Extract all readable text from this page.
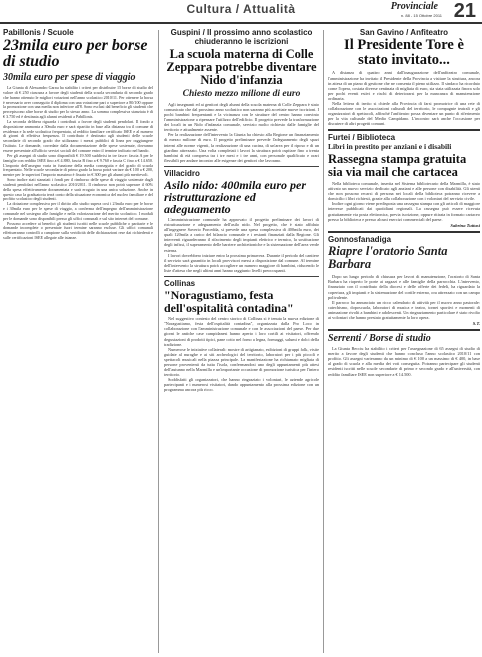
Cultura / Attualità	Provinciale
n. 88 - 15 Ottobre 2011 21
Pabillonis / Scuole
23mila euro per borse di studio
30mila euro per spese di viaggio

La Giunta di Alessandro Garau ha stabilito i criteri per distribuire 15 borse di studio del valore di € 250 ciascuna a favore degli studenti della scuola secondaria di secondo grado che hanno ottenuto le migliori votazioni nell'anno scolastico 2010/11. Per ottenere la borsa è necessario aver conseguito il diploma con una votazione pari o superiore a 80/100 oppure la promozione con una media non inferiore all'8. Sono esclusi dal beneficio gli studenti che percepiscono altre borse di studio per lo stesso anno. La somma complessiva stanziata è di € 3.750 ed è destinata agli alunni residenti a Pabillonis.

La seconda delibera riguarda i contributi a favore degli studenti pendolari. Il fondo a disposizione ammonta a 30mila euro e sarà ripartito in base alla distanza tra il comune di residenza e la sede scolastica frequentata, al reddito familiare certificato ISEE e al numero di giorni di effettiva frequenza. Il contributo è destinato agli studenti delle scuole secondarie di secondo grado che utilizzano i mezzi pubblici di linea per raggiungere l'istituto. Le domande, corredate dalla documentazione delle spese sostenute, dovranno essere presentate all'ufficio servizi sociali del comune entro il termine indicato nel bando.

Per gli assegni di studio sono disponibili € 19.500 suddivisi in tre fasce: fascia A per le famiglie con reddito ISEE fino a € 4.880, fascia B fino a € 9.760 e fascia C fino a € 14.650. L'importo dell'assegno varia in funzione della media conseguita e del grado di scuola frequentato. Nelle scuole secondarie di primo grado la borsa potrà variare da € 100 a € 200, mentre per le superiori l'importo massimo è fissato in € 300 per gli alunni più meritevoli.

Sono inoltre stati stanziati i fondi per il rimborso delle spese di viaggio sostenute dagli studenti pendolari nell'anno scolastico 2010/2011. Il rimborso non potrà superare il 60% della spesa effettivamente documentata e sarà erogato in una unica soluzione. Anche in questo caso la graduatoria terrà conto della situazione economica del nucleo familiare e del profitto scolastico degli studenti.

La dotazione complessiva per il diritto allo studio supera così i 23mila euro per le borse e i 30mila euro per le spese di viaggio, a conferma dell'impegno dell'amministrazione comunale nel sostegno alle famiglie e nella valorizzazione del merito scolastico. I moduli per le domande sono disponibili presso gli uffici comunali e sul sito internet del comune.

Possono accedere ai benefici gli studenti iscritti nelle scuole pubbliche o paritarie e le domande incomplete o presentate fuori termine saranno escluse. Gli uffici comunali effettueranno controlli a campione sulla veridicità delle dichiarazioni rese dai richiedenti e sulle certificazioni ISEE allegate alle istanze.

Guspini / Il prossimo anno scolastico chiuderanno le iscrizioni
La scuola materna di Colle Zeppara potrebbe diventare Nido d'infanzia
Chiesto mezzo milione di euro

Agli insegnanti ed ai genitori degli alunni della scuola materna di Colle Zeppara è stato comunicato che dal prossimo anno scolastico non saranno più accettate nuove iscrizioni. I pochi bambini frequentanti e la vicinanza con le strutture del centro hanno convinto l'amministrazione a ripensare l'utilizzo dell'edificio. Il progetto prevede la trasformazione dei locali in un Nido d'infanzia comunale, servizio molto richiesto dalle famiglie del territorio e attualmente assente.

Per la realizzazione dell'intervento la Giunta ha chiesto alla Regione un finanziamento di mezzo milione di euro. Il progetto preliminare prevede l'adeguamento degli spazi interni alle norme vigenti, la realizzazione di una cucina, di un'area per il riposo e di un giardino attrezzato. Una volta completati i lavori la struttura potrà ospitare fino a trenta bambini di età compresa tra i tre mesi e i tre anni, con personale qualificato e orari flessibili per andare incontro alle esigenze dei genitori che lavorano.

Villacidro
Asilo nido: 400mila euro per ristrutturazione ed adeguamento

L'amministrazione comunale ha approvato il progetto preliminare dei lavori di ristrutturazione e adeguamento dell'asilo nido. Nel progetto, che è stato affidato all'ingegnere Saverio Porcedda, si prevede una spesa complessiva di 400mila euro, dei quali 120mila a carico del bilancio comunale e i restanti finanziati dalla Regione. Gli interventi riguarderanno il rifacimento degli impianti elettrico e termico, la sostituzione degli infissi, il superamento delle barriere architettoniche e la sistemazione dell'area verde esterna.

I lavori dovrebbero iniziare entro la prossima primavera. Durante il periodo del cantiere il servizio sarà garantito in locali provvisori messi a disposizione dal comune. Al termine dell'intervento la struttura potrà accogliere un numero maggiore di bambini, riducendo le liste d'attesa che negli ultimi anni hanno raggiunto livelli preoccupanti.

Collinas
"Noragustiamo, festa dell'ospitalità contadina"

Nel suggestivo contesto del centro storico di Collinas si è tenuta la nuova edizione di "Noragustiamo, festa dell'ospitalità contadina", organizzata dalla Pro Loco in collaborazione con l'amministrazione comunale e con le associazioni del paese. Per due giorni le antiche case campidanesi hanno aperto i loro cortili ai visitatori, offrendo degustazioni di prodotti tipici, pane cotto nel forno a legna, formaggi, salumi e dolci della tradizione.

Numerose le iniziative collaterali: mostre di artigianato, esibizioni di gruppi folk, visite guidate al nuraghe e ai siti archeologici del territorio, laboratori per i più piccoli e spettacoli musicali nella piazza principale. La manifestazione ha richiamato migliaia di persone provenienti da tutta l'isola, confermandosi uno degli appuntamenti più attesi dell'autunno nella Marmilla e un'importante occasione di promozione turistica per l'intero territorio.

Soddisfatti gli organizzatori, che hanno ringraziato i volontari, le aziende agricole partecipanti e i numerosi visitatori, dando appuntamento alla prossima edizione con un programma ancora più ricco.

San Gavino / Anfiteatro
Il Presidente Tore è stato invitato...

A distanza di quattro anni dall'inaugurazione dell'anfiteatro comunale, l'amministrazione ha invitato il Presidente della Provincia a visitare la struttura, ancora in attesa di un piano di gestione che ne consenta il pieno utilizzo. Il sindaco ha ricordato come l'opera, costata diverse centinaia di migliaia di euro, sia stata utilizzata finora solo per pochi eventi estivi e rischi di deteriorarsi per la mancanza di manutenzione ordinaria.

Nella lettera di invito si chiede alla Provincia di farsi promotrice di una rete di collaborazione con le associazioni culturali del territorio, le compagnie teatrali e gli organizzatori di spettacoli, affinché l'anfiteatro possa diventare un punto di riferimento per la vita culturale del Medio Campidano. L'incontro sarà anche l'occasione per discutere di altri progetti comuni.

Furtei / Biblioteca
Libri in prestito per anziani e i disabili
Rassegna stampa gratuita sia via mail che cartacea

Nella biblioteca comunale, inserita nel Sistema bibliotecario della Marmilla, è stato attivato un nuovo servizio dedicato agli anziani e alle persone con disabilità. Gli utenti che non possono recarsi di persona nei locali della biblioteca potranno ricevere a domicilio i libri richiesti, grazie alla collaborazione con i volontari del servizio civile.

Inoltre ogni giorno viene predisposta una rassegna stampa con gli articoli di maggiore interesse pubblicati dai quotidiani regionali. La rassegna può essere ricevuta gratuitamente via posta elettronica, previa iscrizione, oppure ritirata in formato cartaceo presso la biblioteca e presso alcuni esercizi commerciali del paese.

Sabrina Tuttusi
Gonnosfanadiga
Riapre l'oratorio Santa Barbara

Dopo un lungo periodo di chiusura per lavori di manutenzione, l'oratorio di Santa Barbara ha riaperto le porte ai ragazzi e alle famiglie della parrocchia. L'intervento, finanziato con il contributo della diocesi e delle offerte dei fedeli, ha riguardato la copertura, gli impianti e la sistemazione del cortile esterno, ora attrezzato con un campo polivalente.

Il parroco ha annunciato un ricco calendario di attività per il nuovo anno pastorale: catechismo, doposcuola, laboratori di musica e teatro, tornei sportivi e momenti di animazione rivolti a bambini e adolescenti. Un ringraziamento particolare è stato rivolto ai volontari che hanno prestato gratuitamente la loro opera.

S.T.
Serrenti / Borse di studio

La Giunta Becciu ha stabilito i criteri per l'assegnazione di 65 assegni di studio di merito a favore degli studenti che hanno concluso l'anno scolastico 2010/11 con profitto. Gli assegni varieranno da un minimo di € 100 a un massimo di € 400, in base al grado di scuola e alla media dei voti conseguita. Potranno partecipare gli studenti residenti iscritti nelle scuole secondarie di primo e secondo grado e all'università, con reddito familiare ISEE non superiore a € 14.500.
